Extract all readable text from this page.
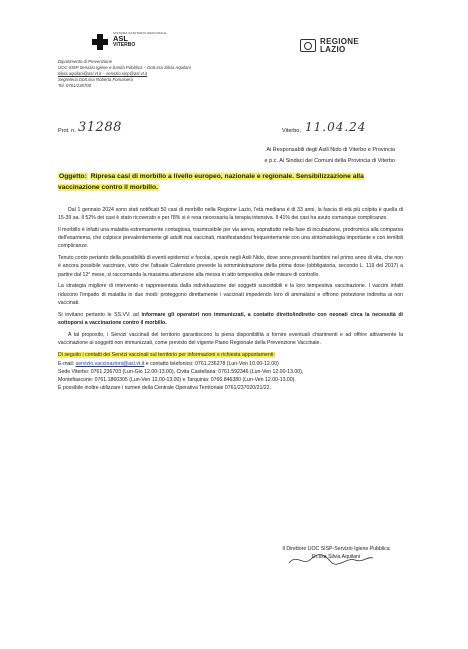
SISTEMA SANITARIO REGIONALE
ASL
VITERBO	REGIONE
LAZIO
Dipartimento di Prevenzione
UOC SISP Servizio Igiene e Sanità Pubblica – Dott.ssa Silvia Aquilani
silvia.aquilani@asl.vt.it – servizio.sisp@asl.vt.it
Segreteria Dott.ssa Roberta Fornasiero
Tel. 0761/236700
Prot. n. 31288	Viterbo, 11.04.24
Ai Responsabili degli Asili Nido di Viterbo e Provincia
e p.c. Ai Sindaci dei Comuni della Provincia di Viterbo
Oggetto: Ripresa casi di morbillo a livello europeo, nazionale e regionale. Sensibilizzazione alla vaccinazione contro il morbillo.

Dal 1 gennaio 2024 sono stati notificati 50 casi di morbillo nella Regione Lazio, l'età mediana è di 33 anni, la fascia di età più colpita è quella di 15-39 aa. Il 52% dei casi è stato ricoverato e per l'8% si è resa necessaria la terapia intensiva. Il 41% dei casi ha avuto comunque complicanze.

Il morbillo è infatti una malattia estremamente contagiosa, trasmissibile per via aerea, soprattutto nella fase di incubazione, prodromica alla comparsa dell'esantema, che colpisce prevalentemente gli adulti mai vaccinati, manifestandosi frequentemente con una sintomatologia importante e con temibili complicanze.

Tenuto conto pertanto della possibilità di eventi epidemici e focolai, specie negli Asili Nido, dove sono presenti bambini nel primo anno di vita, che non è ancora possibile vaccinare, visto che l'attuale Calendario prevede la somministrazione della prima dose (obbligatoria, secondo L. 119 del 2017) a partire dal 12° mese, si raccomanda la massima attenzione alla messa in atto tempestiva delle misure di controllo.

La strategia migliore di intervento è rappresentata dalla individuazione dei soggetti suscettibili e la loro tempestiva vaccinazione. I vaccini infatti riducono l'impatto di malattia in due modi: proteggono direttamente i vaccinati impedendo loro di ammalarsi e offrono protezione indiretta ai non vaccinati.

Si invitano pertanto le SS.VV. ad informare gli operatori non immunizzati, a contatto diretto/indiretto con neonati circa la necessità di sottoporsi a vaccinazione contro il morbillo.

A tal proposito, i Servizi vaccinali del territorio garantiscono la piena disponibilità a fornire eventuali chiarimenti e ad offrire attivamente la vaccinazione ai soggetti non immunizzati, come previsto del vigente Piano Regionale della Prevenzione Vaccinale.

Di seguito i contatti dei Servizi vaccinali sul territorio per informazioni e richiesta appuntamenti:

E-mail: servizio.vaccinazioni@asl.vt.it e contatto telefonico: 0761.236278 (Lun-Ven 10.00-12.00)
Sede Viterbo: 0761.236703 (Lun-Gio 12.00-13.00), Civita Castellana: 0761.592346 (Lun-Ven 12.00-13.00),
Montefiascone: 0761.1860305 (Lun-Ven 12.00-13.00) e Tarquinia: 0766.846380 (Lun-Ven 12.00-13.00).
È possibile inoltre utilizzare i numeri della Centrale Operativa Territoriale 0761/237020/21/22.
Il Direttore UOC SISP-Servizio Igiene Pubblica
Dr.ssa Silvia Aquilani
